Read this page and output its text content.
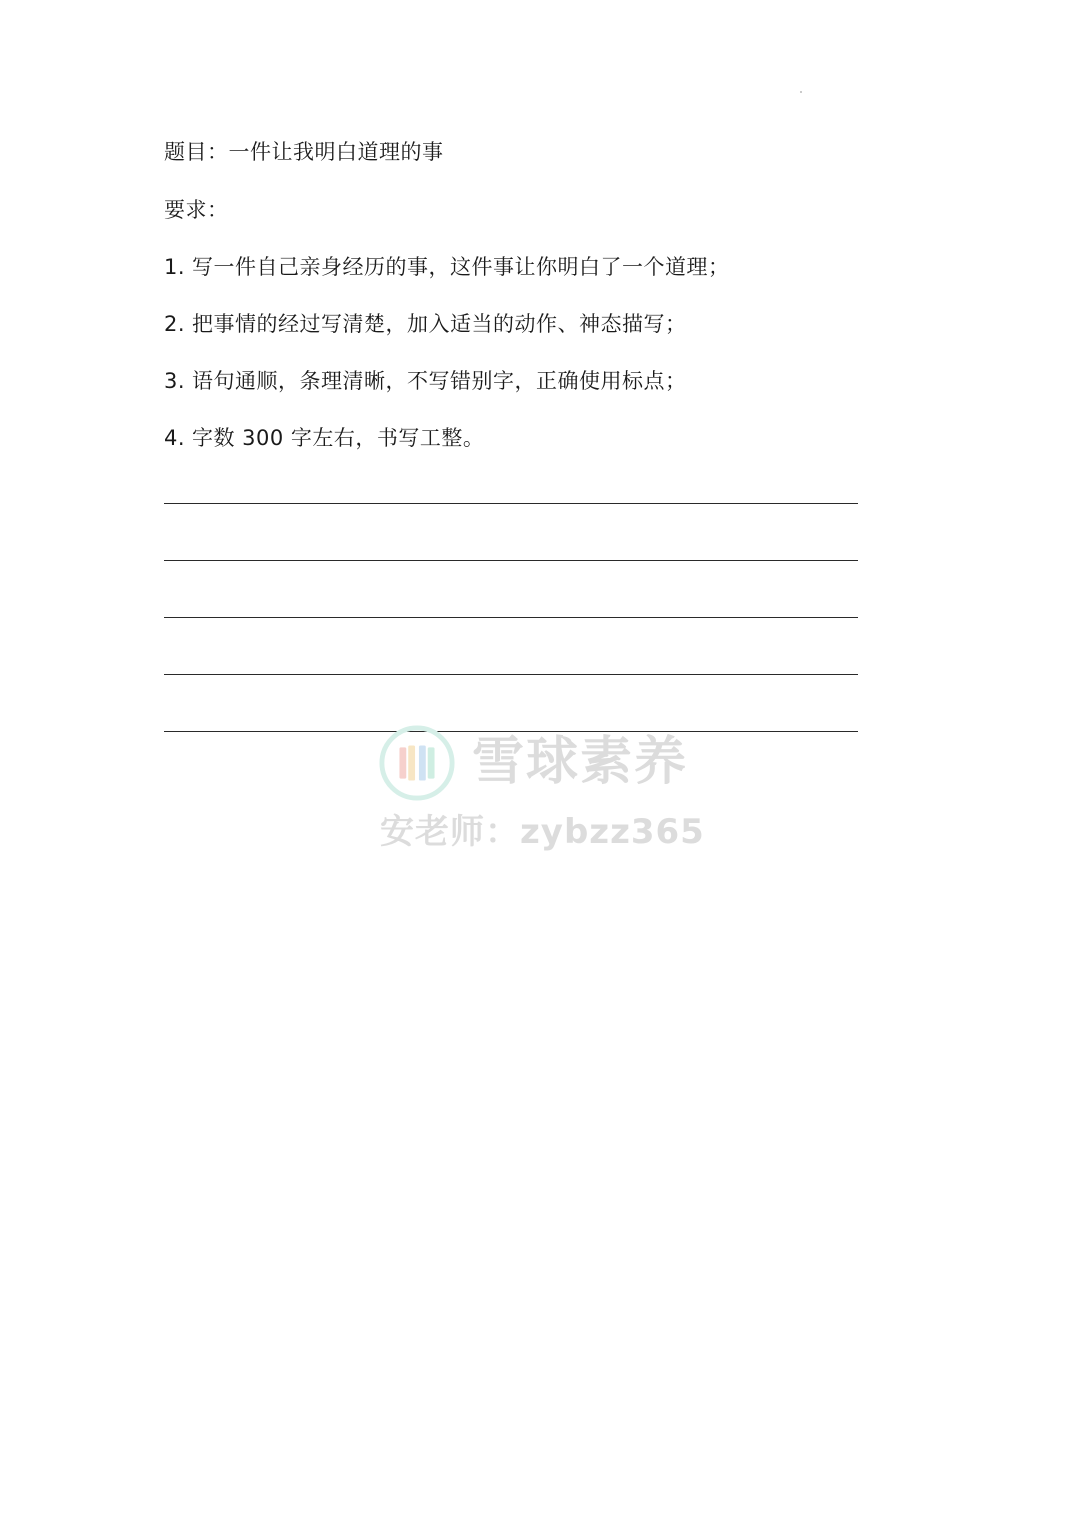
题目：一件让我明白道理的事
要求：
1. 写一件自己亲身经历的事，这件事让你明白了一个道理；
2. 把事情的经过写清楚，加入适当的动作、神态描写；
3. 语句通顺，条理清晰，不写错别字，正确使用标点；
4. 字数 300 字左右，书写工整。
雪球素养
安老师：zybzz365
